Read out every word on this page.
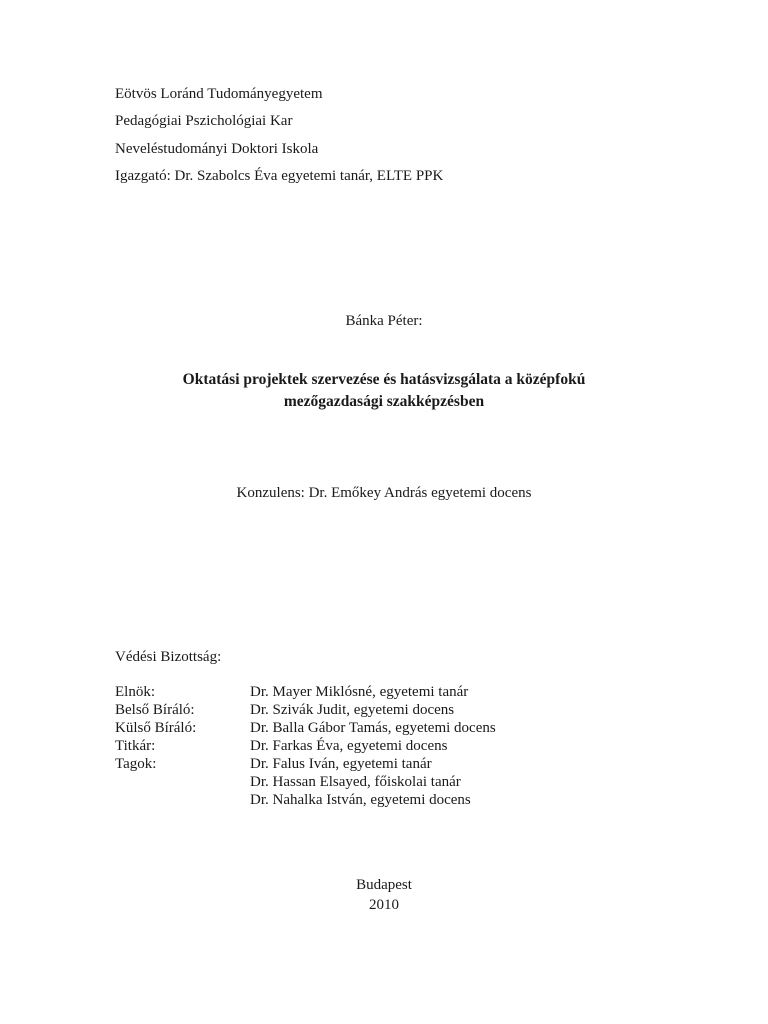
Eötvös Loránd Tudományegyetem
Pedagógiai Pszichológiai Kar
Neveléstudományi Doktori Iskola
Igazgató: Dr. Szabolcs Éva egyetemi tanár, ELTE PPK
Bánka Péter:
Oktatási projektek szervezése és hatásvizsgálata a középfokú
mezőgazdasági szakképzésben
Konzulens: Dr. Emőkey András egyetemi docens
Védési Bizottság:
Elnök:	Dr. Mayer Miklósné, egyetemi tanár
Belső Bíráló:	Dr. Szivák Judit, egyetemi docens
Külső Bíráló:	Dr. Balla Gábor Tamás, egyetemi docens
Titkár:	Dr. Farkas Éva, egyetemi docens
Tagok:	Dr. Falus Iván, egyetemi tanár
Dr. Hassan Elsayed, főiskolai tanár
Dr. Nahalka István, egyetemi docens
Budapest
2010
